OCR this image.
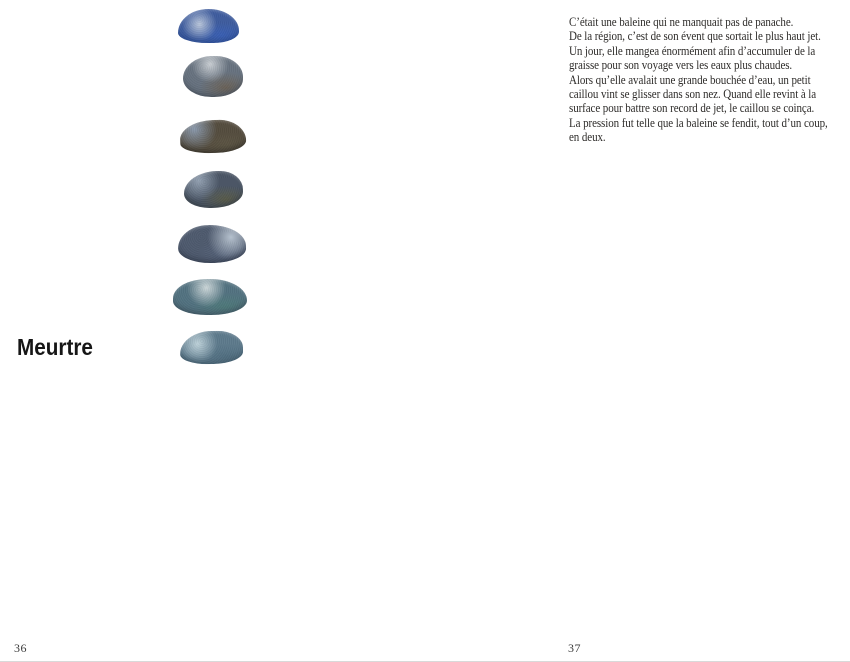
Meurtre
36
C’était une baleine qui ne manquait pas de panache.
De la région, c’est de son évent que sortait le plus haut jet.
Un jour, elle mangea énormément afin d’accumuler de la
graisse pour son voyage vers les eaux plus chaudes.
Alors qu’elle avalait une grande bouchée d’eau, un petit
caillou vint se glisser dans son nez. Quand elle revint à la
surface pour battre son record de jet, le caillou se coinça.
La pression fut telle que la baleine se fendit, tout d’un coup,
en deux.
37
